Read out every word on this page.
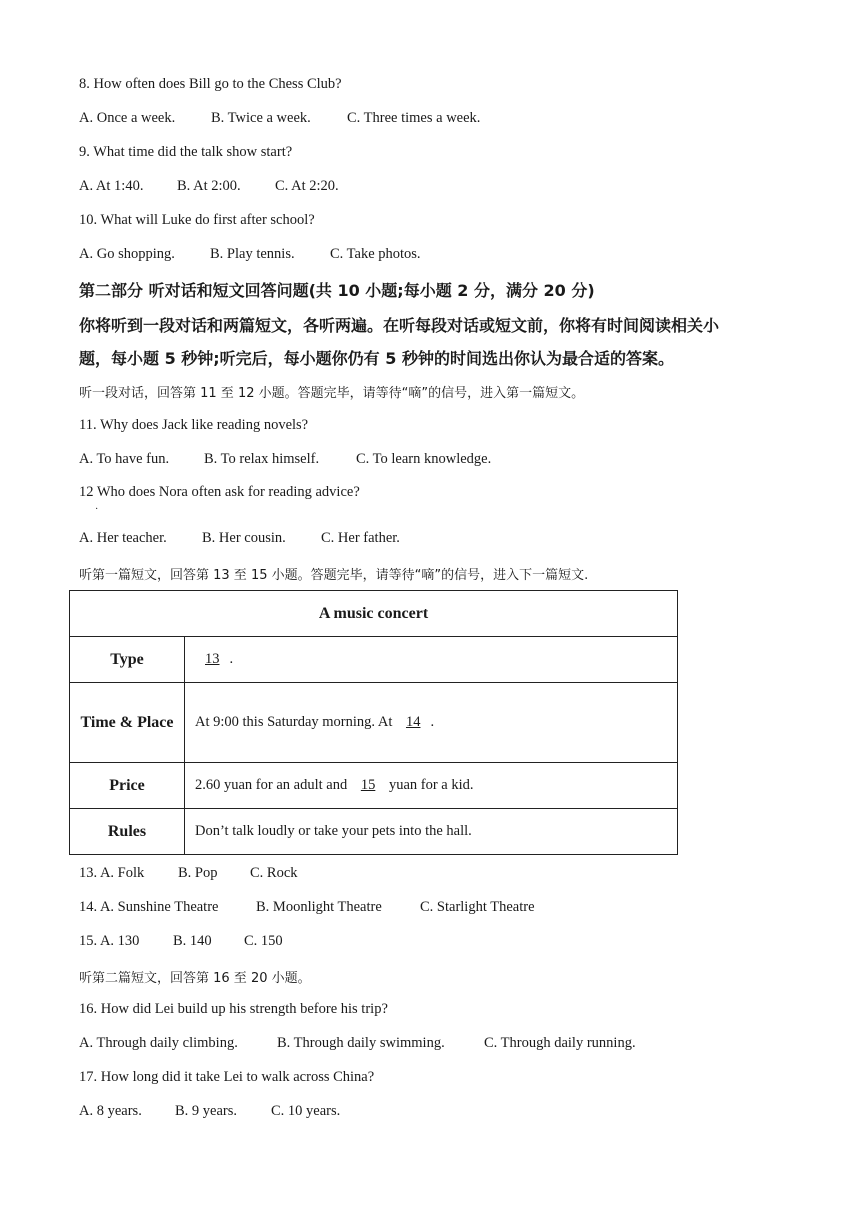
8. How often does Bill go to the Chess Club?
A. Once a week. B. Twice a week. C. Three times a week.
9. What time did the talk show start?
A. At 1:40. B. At 2:00. C. At 2:20.
10. What will Luke do first after school?
A. Go shopping. B. Play tennis. C. Take photos.
第二部分 听对话和短文回答问题(共 10 小题;每小题 2 分，满分 20 分)
你将听到一段对话和两篇短文，各听两遍。在听每段对话或短文前，你将有时间阅读相关小
题，每小题 5 秒钟;听完后，每小题你仍有 5 秒钟的时间选出你认为最合适的答案。
听一段对话，回答第 11 至 12 小题。答题完毕，请等待“嘀”的信号，进入第一篇短文。
11. Why does Jack like reading novels?
A. To have fun. B. To relax himself.	C. To learn knowledge.
12 Who does Nora often ask for reading advice?
·
A. Her teacher. B. Her cousin. C. Her father.
听第一篇短文，回答第 13 至 15 小题。答题完毕，请等待“嘀”的信号，进入下一篇短文.
A music concert	
Type	13 .
Time & Place	At 9:00 this Saturday morning. At 14 .
Price	2.60 yuan for an adult and 15 yuan for a kid.
Rules	Don’t talk loudly or take your pets into the hall.
13. A. Folk B. Pop C. Rock
14. A. Sunshine Theatre	B. Moonlight Theatre	C. Starlight Theatre
15. A. 130 B. 140 C. 150
听第二篇短文，回答第 16 至 20 小题。
16. How did Lei build up his strength before his trip?
A. Through daily climbing.	B. Through daily swimming.	C. Through daily running.
17. How long did it take Lei to walk across China?
A. 8 years. B. 9 years. C. 10 years.
